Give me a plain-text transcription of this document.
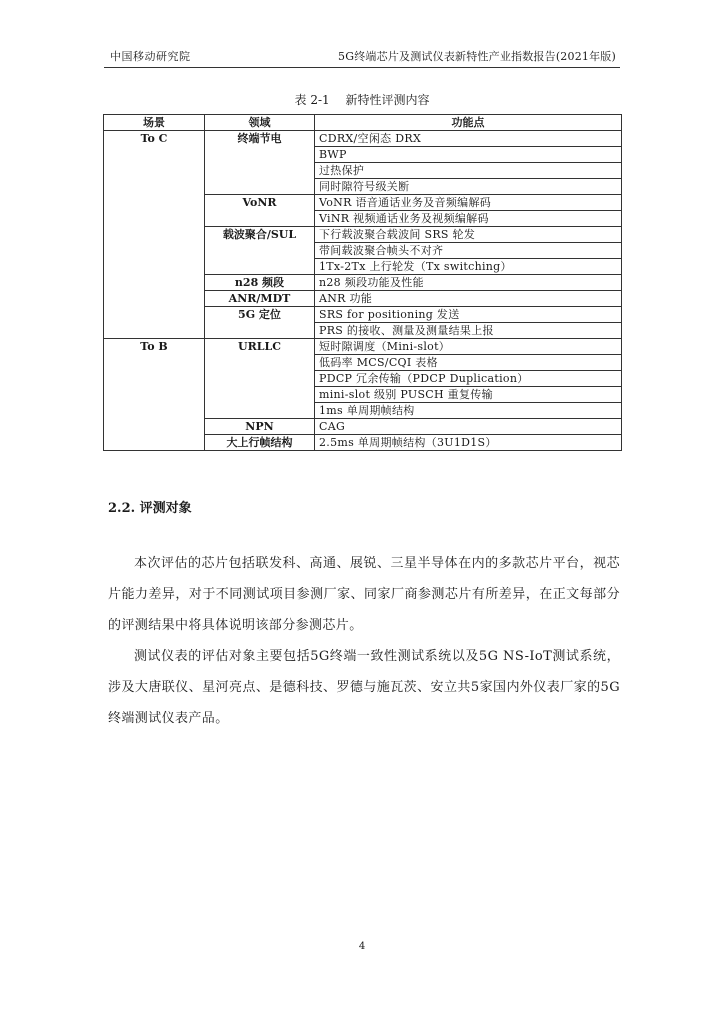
中国移动研究院	5G终端芯片及测试仪表新特性产业指数报告(2021年版)
表 2-1 新特性评测内容
场景	领域	功能点
To C	终端节电	CDRX/空闲态 DRX
		BWP
		过热保护
		同时隙符号级关断
	VoNR	VoNR 语音通话业务及音频编解码
		ViNR 视频通话业务及视频编解码
	载波聚合/SUL	下行载波聚合载波间 SRS 轮发
		带间载波聚合帧头不对齐
		1Tx-2Tx 上行轮发（Tx switching）
	n28 频段	n28 频段功能及性能
	ANR/MDT	ANR 功能
	5G 定位	SRS for positioning 发送
		PRS 的接收、测量及测量结果上报
To B	URLLC	短时隙调度（Mini-slot）
		低码率 MCS/CQI 表格
		PDCP 冗余传输（PDCP Duplication）
		mini-slot 级别 PUSCH 重复传输
		1ms 单周期帧结构
	NPN	CAG
	大上行帧结构	2.5ms 单周期帧结构（3U1D1S）
2.2. 评测对象

本次评估的芯片包括联发科、高通、展锐、三星半导体在内的多款芯片平台，视芯片能力差异，对于不同测试项目参测厂家、同家厂商参测芯片有所差异，在正文每部分的评测结果中将具体说明该部分参测芯片。

测试仪表的评估对象主要包括5G终端一致性测试系统以及5G NS-IoT测试系统，涉及大唐联仪、星河亮点、是德科技、罗德与施瓦茨、安立共5家国内外仪表厂家的5G终端测试仪表产品。

4
